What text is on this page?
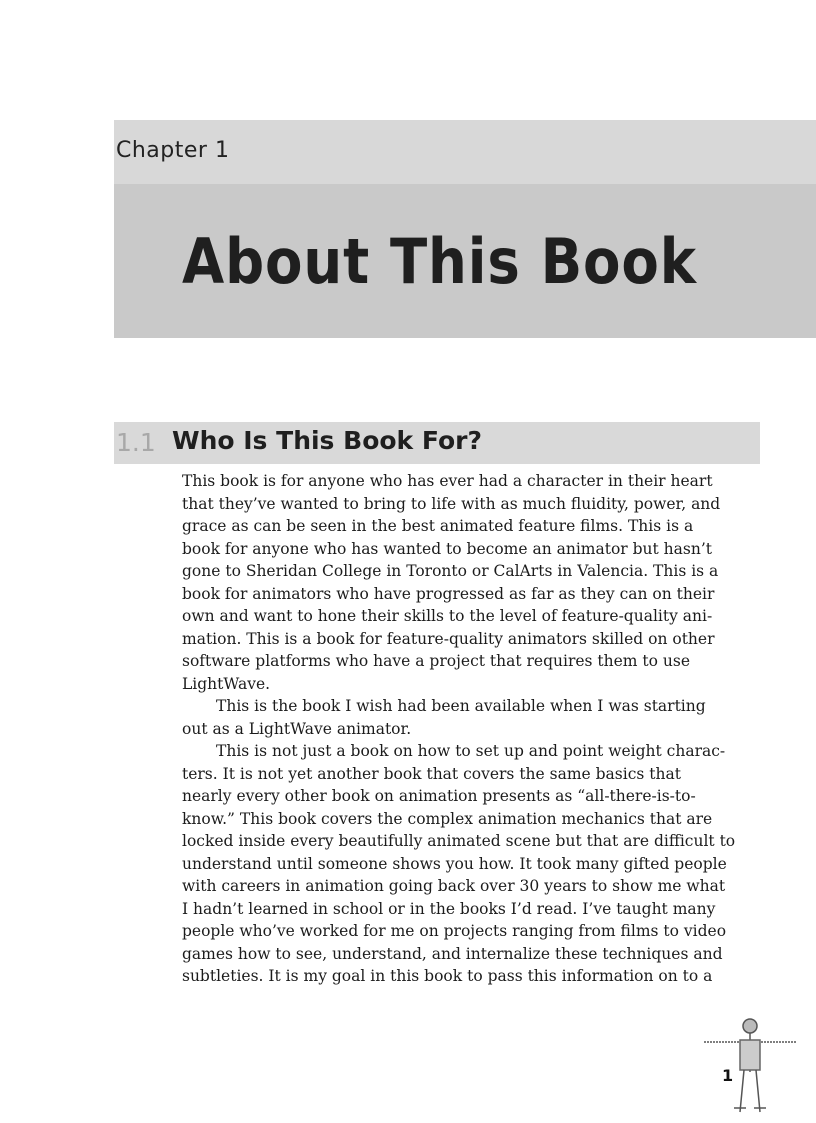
Chapter 1
About This Book
1.1 Who Is This Book For?

This book is for anyone who has ever had a character in their heart
that they’ve wanted to bring to life with as much fluidity, power, and
grace as can be seen in the best animated feature films. This is a
book for anyone who has wanted to become an animator but hasn’t
gone to Sheridan College in Toronto or CalArts in Valencia. This is a
book for animators who have progressed as far as they can on their
own and want to hone their skills to the level of feature-quality ani-
mation. This is a book for feature-quality animators skilled on other
software platforms who have a project that requires them to use
LightWave.

This is the book I wish had been available when I was starting
out as a LightWave animator.

This is not just a book on how to set up and point weight charac-
ters. It is not yet another book that covers the same basics that
nearly every other book on animation presents as “all-there-is-to-
know.” This book covers the complex animation mechanics that are
locked inside every beautifully animated scene but that are difficult to
understand until someone shows you how. It took many gifted people
with careers in animation going back over 30 years to show me what
I hadn’t learned in school or in the books I’d read. I’ve taught many
people who’ve worked for me on projects ranging from films to video
games how to see, understand, and internalize these techniques and
subtleties. It is my goal in this book to pass this information on to a

1
